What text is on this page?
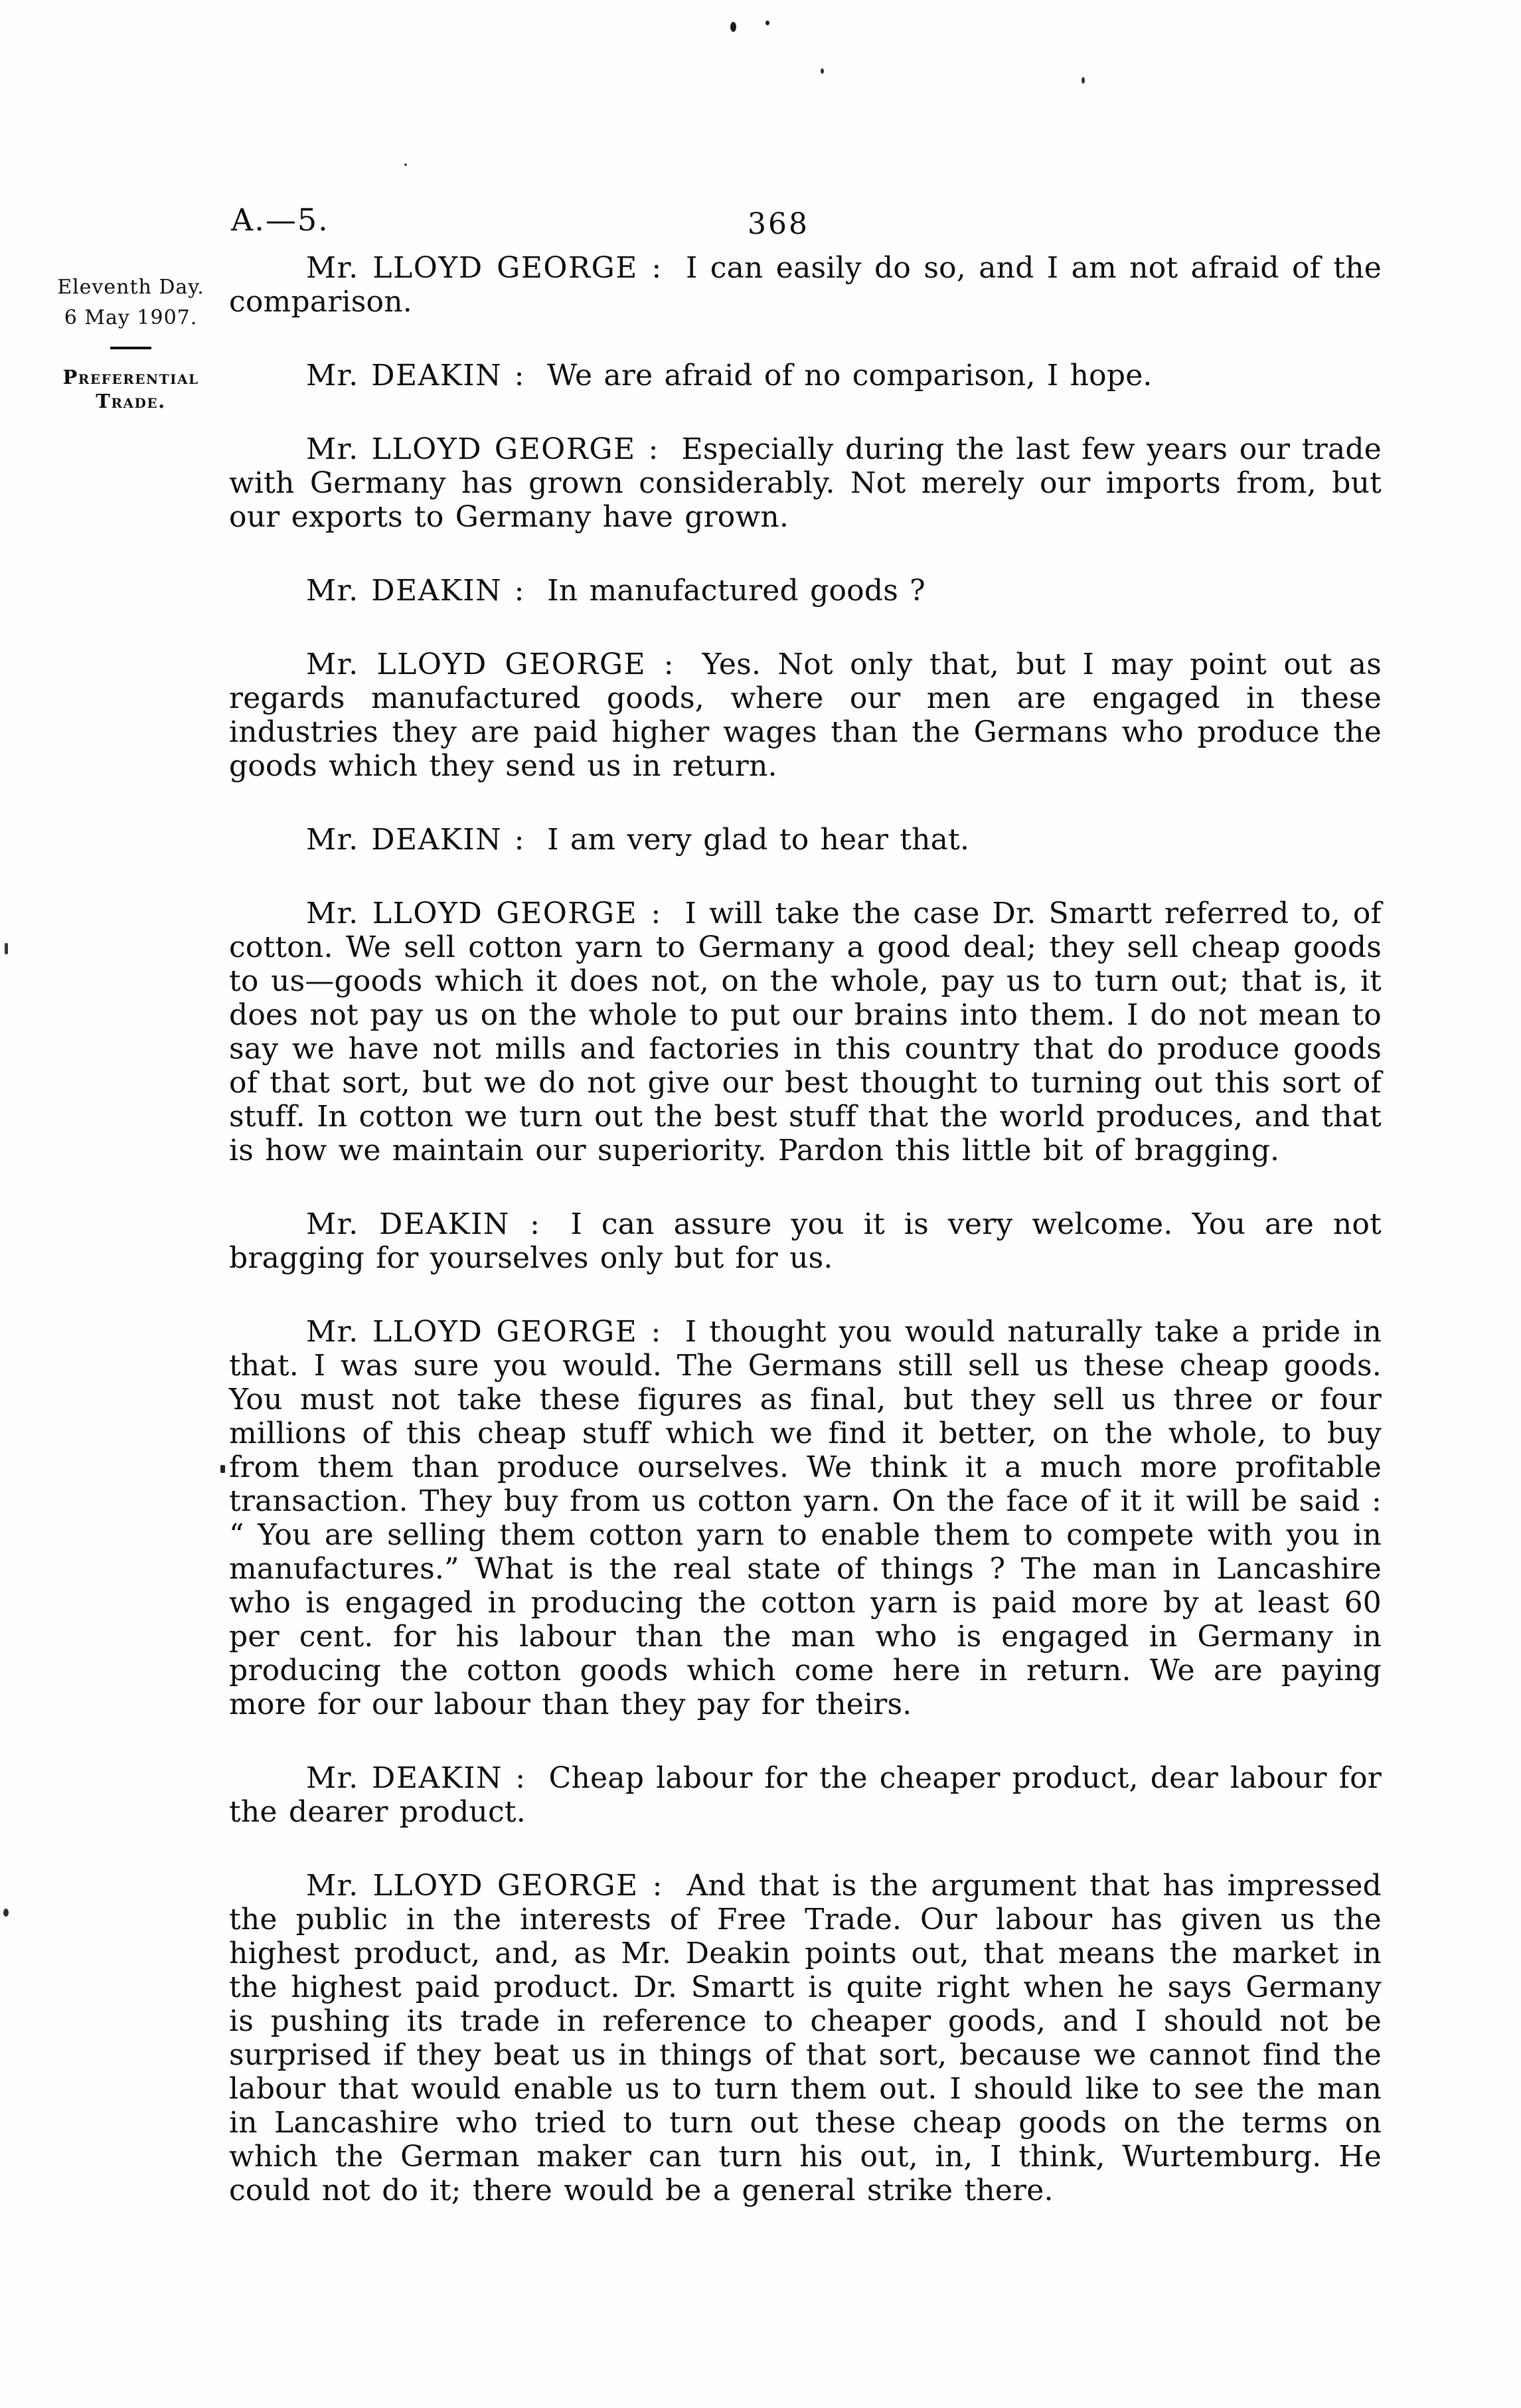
A.—5.	368
Eleventh Day.
6 May 1907.
Preferential
Trade.

Mr. LLOYD GEORGE : I can easily do so, and I am not afraid of the comparison.

Mr. DEAKIN : We are afraid of no comparison, I hope.

Mr. LLOYD GEORGE : Especially during the last few years our trade with Germany has grown considerably. Not merely our imports from, but our exports to Germany have grown.

Mr. DEAKIN : In manufactured goods ?

Mr. LLOYD GEORGE : Yes. Not only that, but I may point out as regards manufactured goods, where our men are engaged in these industries they are paid higher wages than the Germans who produce the goods which they send us in return.

Mr. DEAKIN : I am very glad to hear that.

Mr. LLOYD GEORGE : I will take the case Dr. Smartt referred to, of cotton. We sell cotton yarn to Germany a good deal; they sell cheap goods to us—goods which it does not, on the whole, pay us to turn out; that is, it does not pay us on the whole to put our brains into them. I do not mean to say we have not mills and factories in this country that do produce goods of that sort, but we do not give our best thought to turning out this sort of stuff. In cotton we turn out the best stuff that the world produces, and that is how we maintain our superiority. Pardon this little bit of bragging.

Mr. DEAKIN : I can assure you it is very welcome. You are not bragging for yourselves only but for us.

Mr. LLOYD GEORGE : I thought you would naturally take a pride in that. I was sure you would. The Germans still sell us these cheap goods. You must not take these figures as final, but they sell us three or four millions of this cheap stuff which we find it better, on the whole, to buy from them than produce ourselves. We think it a much more profitable transaction. They buy from us cotton yarn. On the face of it it will be said : “ You are selling them cotton yarn to enable them to compete with you in manufactures.” What is the real state of things ? The man in Lancashire who is engaged in producing the cotton yarn is paid more by at least 60 per cent. for his labour than the man who is engaged in Germany in producing the cotton goods which come here in return. We are paying more for our labour than they pay for theirs.

Mr. DEAKIN : Cheap labour for the cheaper product, dear labour for the dearer product.

Mr. LLOYD GEORGE : And that is the argument that has impressed the public in the interests of Free Trade. Our labour has given us the highest product, and, as Mr. Deakin points out, that means the market in the highest paid product. Dr. Smartt is quite right when he says Germany is pushing its trade in reference to cheaper goods, and I should not be surprised if they beat us in things of that sort, because we cannot find the labour that would enable us to turn them out. I should like to see the man in Lancashire who tried to turn out these cheap goods on the terms on which the German maker can turn his out, in, I think, Wurtemburg. He could not do it; there would be a general strike there.
